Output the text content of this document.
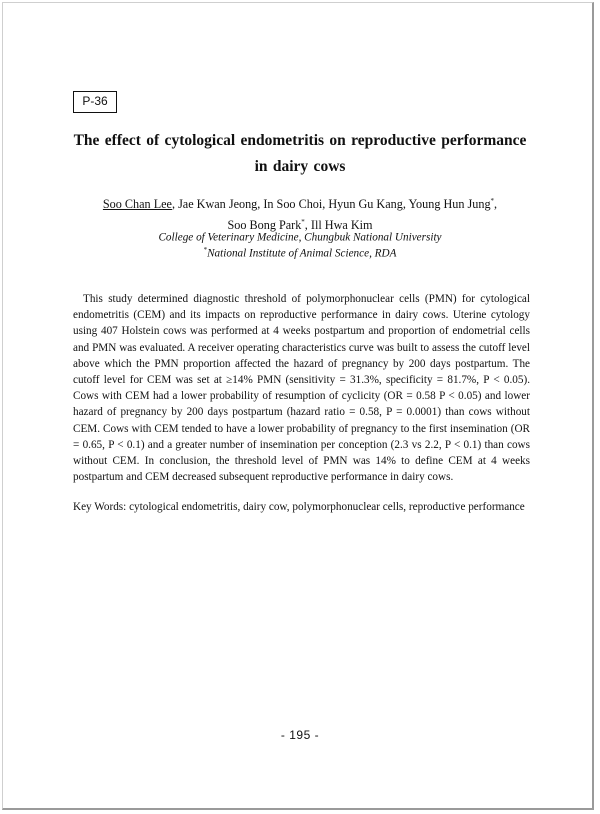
P-36
The effect of cytological endometritis on reproductive performance in dairy cows
Soo Chan Lee, Jae Kwan Jeong, In Soo Choi, Hyun Gu Kang, Young Hun Jung*,
Soo Bong Park*, Ill Hwa Kim
College of Veterinary Medicine, Chungbuk National University
*National Institute of Animal Science, RDA

This study determined diagnostic threshold of polymorphonuclear cells (PMN) for cytological endometritis (CEM) and its impacts on reproductive performance in dairy cows. Uterine cytology using 407 Holstein cows was performed at 4 weeks postpartum and proportion of endometrial cells and PMN was evaluated. A receiver operating characteristics curve was built to assess the cutoff level above which the PMN proportion affected the hazard of pregnancy by 200 days postpartum. The cutoff level for CEM was set at ≥14% PMN (sensitivity = 31.3%, specificity = 81.7%, P < 0.05). Cows with CEM had a lower probability of resumption of cyclicity (OR = 0.58 P < 0.05) and lower hazard of pregnancy by 200 days postpartum (hazard ratio = 0.58, P = 0.0001) than cows without CEM. Cows with CEM tended to have a lower probability of pregnancy to the first insemination (OR = 0.65, P < 0.1) and a greater number of insemination per conception (2.3 vs 2.2, P < 0.1) than cows without CEM. In conclusion, the threshold level of PMN was 14% to define CEM at 4 weeks postpartum and CEM decreased subsequent reproductive performance in dairy cows.

Key Words: cytological endometritis, dairy cow, polymorphonuclear cells, reproductive performance
- 195 -
